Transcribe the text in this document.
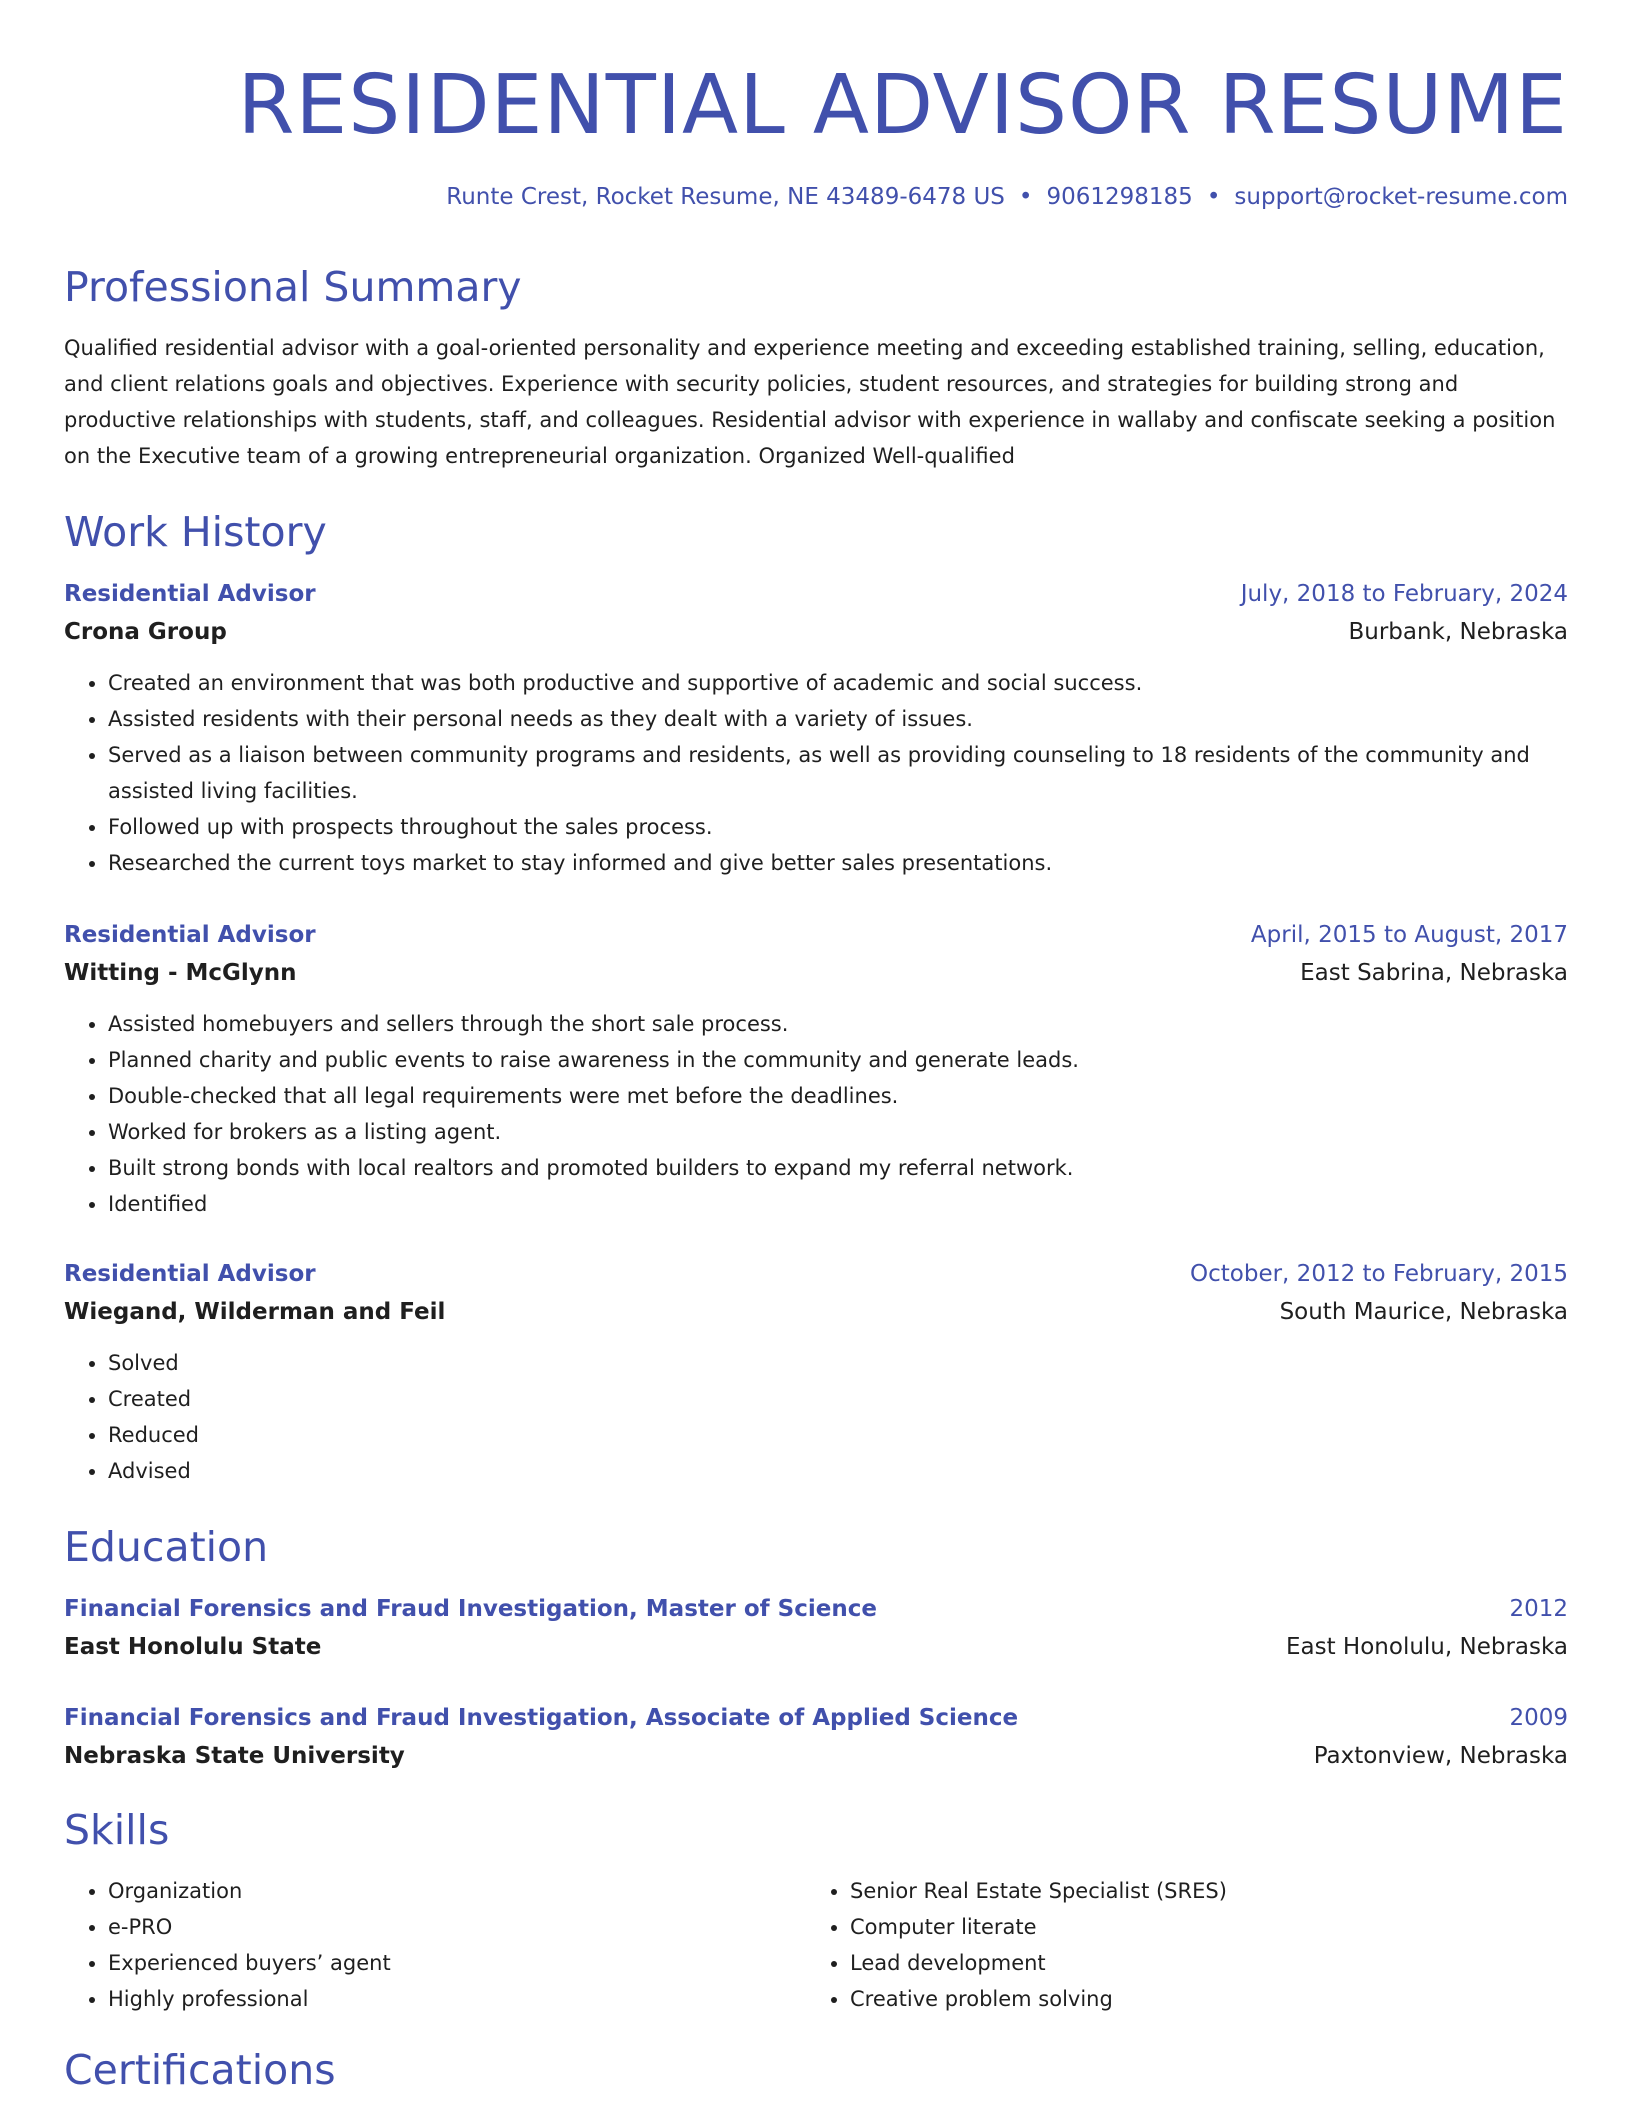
RESIDENTIAL ADVISOR RESUME
Runte Crest, Rocket Resume, NE 43489-6478 US • 9061298185 • support@rocket-resume.com
Professional Summary

Qualified residential advisor with a goal-oriented personality and experience meeting and exceeding established training, selling, education, and client relations goals and objectives. Experience with security policies, student resources, and strategies for building strong and productive relationships with students, staff, and colleagues. Residential advisor with experience in wallaby and confiscate seeking a position on the Executive team of a growing entrepreneurial organization. Organized Well-qualified

Work History
Residential Advisor	July, 2018 to February, 2024
Crona Group	Burbank, Nebraska
• Created an environment that was both productive and supportive of academic and social success.
• Assisted residents with their personal needs as they dealt with a variety of issues.
• Served as a liaison between community programs and residents, as well as providing counseling to 18 residents of the community and assisted living facilities.
• Followed up with prospects throughout the sales process.
• Researched the current toys market to stay informed and give better sales presentations.
Residential Advisor	April, 2015 to August, 2017
Witting - McGlynn	East Sabrina, Nebraska
• Assisted homebuyers and sellers through the short sale process.
• Planned charity and public events to raise awareness in the community and generate leads.
• Double-checked that all legal requirements were met before the deadlines.
• Worked for brokers as a listing agent.
• Built strong bonds with local realtors and promoted builders to expand my referral network.
• Identified
Residential Advisor	October, 2012 to February, 2015
Wiegand, Wilderman and Feil	South Maurice, Nebraska
• Solved
• Created
• Reduced
• Advised
Education
Financial Forensics and Fraud Investigation, Master of Science	2012
East Honolulu State	East Honolulu, Nebraska
Financial Forensics and Fraud Investigation, Associate of Applied Science	2009
Nebraska State University	Paxtonview, Nebraska
Skills
• Organization
• e-PRO
• Experienced buyers’ agent
• Highly professional
• Senior Real Estate Specialist (SRES)
• Computer literate
• Lead development
• Creative problem solving
Certifications
